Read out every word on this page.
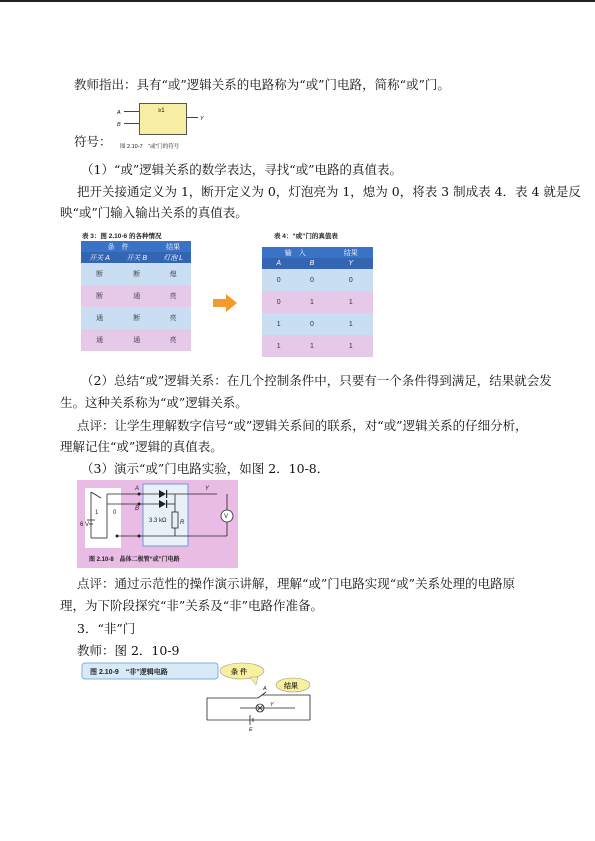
教师指出：具有“或”逻辑关系的电路称为“或”门电路，简称“或”门。
A
B
≥1
Y
符号： 图 2.10-7　“或”门的符号
（1）“或”逻辑关系的数学表达，寻找“或”电路的真值表。
把开关接通定义为 1，断开定义为 0，灯泡亮为 1，熄为 0，将表 3 制成表 4．表 4 就是反
映“或”门输入输出关系的真值表。
表 3：图 2.10-6 的各种情况
条　件		结果
开关 A	开关 B	灯泡 L
断	断	熄
断	通	亮
通	断	亮
通	通	亮
表 4：“或”门的真值表
输　入		结果
A	B	Y
0	0	0
0	1	1
1	0	1
1	1	1
（2）总结“或”逻辑关系：在几个控制条件中，只要有一个条件得到满足，结果就会发
生。这种关系称为“或”逻辑关系。
点评：让学生理解数字信号“或”逻辑关系间的联系，对“或”逻辑关系的仔细分析，
理解记住“或”逻辑的真值表。
（3）演示“或”门电路实验，如图 2．10-8．
A
B
Y
1 0
6 V
3.3 kΩ R
V
图 2.10-8　晶体二极管“或”门电路
点评：通过示范性的操作演示讲解，理解“或”门电路实现“或”关系处理的电路原
理，为下阶段探究“非”关系及“非”电路作准备。
3．“非”门
教师：图 2．10-9
图 2.10-9　“非”逻辑电路	条 件
结果
A
Y
E
